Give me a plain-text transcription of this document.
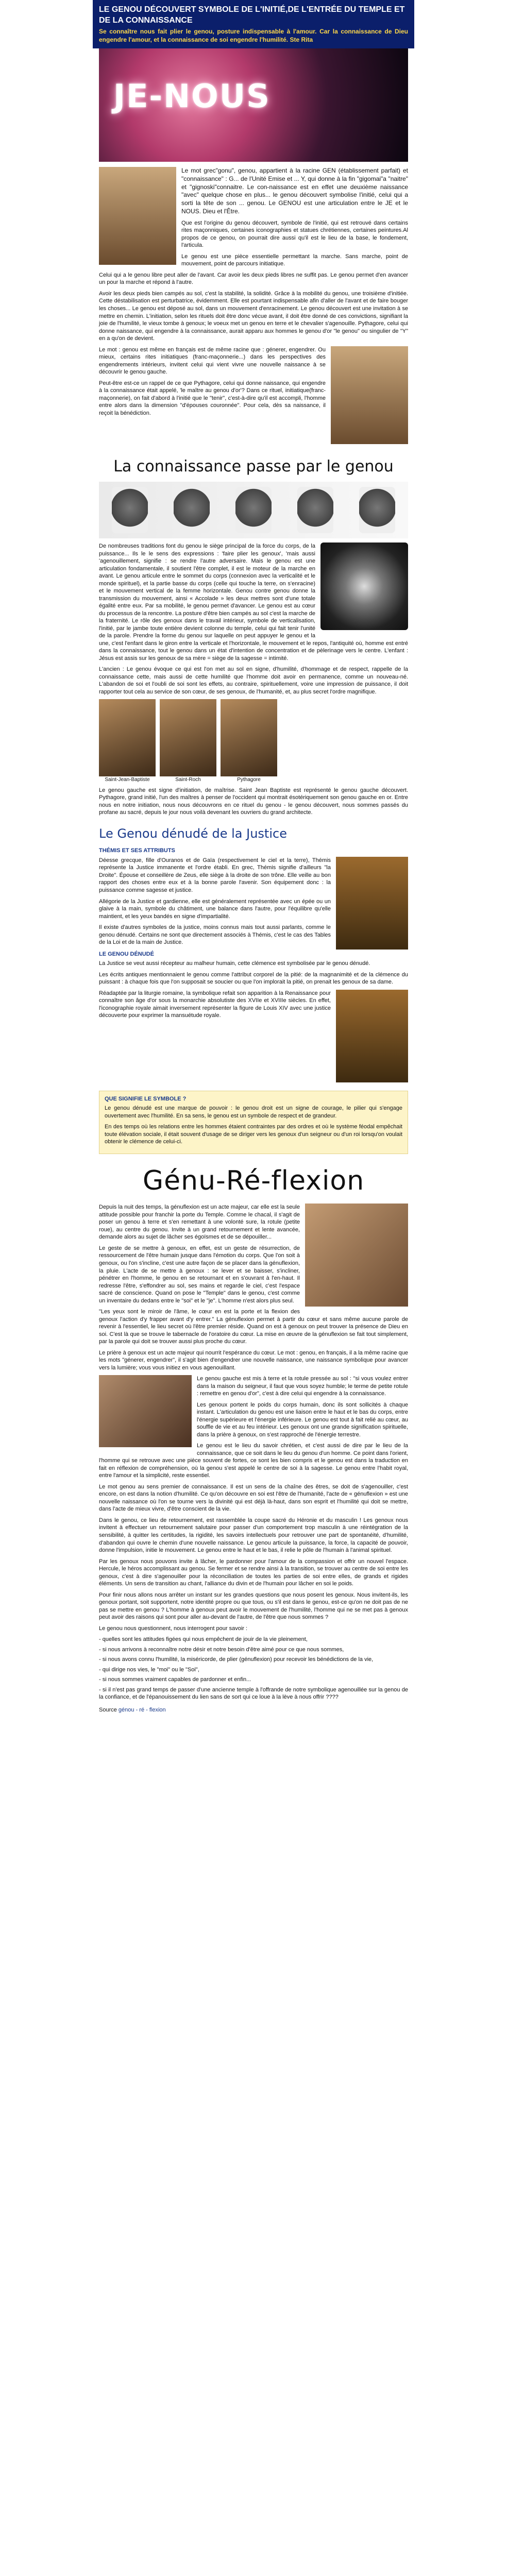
LE GENOU DÉCOUVERT SYMBOLE DE L'INITIÉ,DE L'ENTRÉE DU TEMPLE ET DE LA CONNAISSANCE

Se connaître nous fait plier le genou, posture indispensable à l'amour. Car la connaissance de Dieu engendre l'amour, et la connaissance de soi engendre l'humilité. Ste Rita

JE-NOUS

Le mot grec"gonu", genou, appartient à la racine GEN (établissement parfait) et "connaissance" : G... de l'Unité Emise et ... Y, qui donne à la fin "gigomai"a "naitre" et "gignoski"connaitre. Le con-naissance est en effet une deuxième naissance "avec" quelque chose en plus... le genou découvert symbolise l'initié, celui qui a sorti la tête de son ... genou. Le GENOU est une articulation entre le JE et le NOUS. Dieu et l'Être.

Que est l'origine du genou découvert, symbole de l'initié, qui est retrouvé dans certains rites maçonniques, certaines iconographies et statues chrétiennes, certaines peintures.Al propos de ce genou, on pourrait dire aussi qu'il est le lieu de la base, le fondement, l'articula.

Le genou est une pièce essentielle permettant la marche. Sans marche, point de mouvement, point de parcours initiatique.

Celui qui a le genou libre peut aller de l'avant. Car avoir les deux pieds libres ne suffit pas. Le genou permet d'en avancer un pour la marche et répond à l'autre.

Avoir les deux pieds bien campés au sol, c'est la stabilité, la solidité. Grâce à la mobilité du genou, une troisième d'initiée. Cette déstabilisation est perturbatrice, évidemment. Elle est pourtant indispensable afin d'aller de l'avant et de faire bouger les choses... Le genou est déposé au sol, dans un mouvement d'enracinement. Le genou découvert est une invitation à se mettre en chemin. L'initiation, selon les rituels doit être donc vécue avant, il doit être donné de ces convictions, signifiant la joie de l'humilité, le vieux tombe à genoux; le voeux met un genou en terre et le chevalier s'agenouille. Pythagore, celui qui donne naissance, qui engendre à la connaissance, aurait apparu aux hommes le genou d'or "le genou" ou singulier de "Y" en a qu'on de devient.

Le mot : genou est même en français est de même racine que : génerer, engendrer. Ou mieux, certains rites initiatiques (franc-maçonnerie...) dans les perspectives des engendrements intérieurs, invitent celui qui vient vivre une nouvelle naissance à se découvrir le genou gauche.

Peut-être est-ce un rappel de ce que Pythagore, celui qui donne naissance, qui engendre à la connaissance était appelé, 'le maître au genou d'or'? Dans ce rituel, initiatique(franc-maçonnerie), on fait d'abord à l'initié que le "tenir", c'est-à-dire qu'il est accompli, l'homme entre alors dans la dimension "d'épouses couronnée". Pour cela, dès sa naissance, il reçoit la bénédiction.

La connaissance passe par le genou

De nombreuses traditions font du genou le siège principal de la force du corps, de la puissance... Ils le le sens des expressions : 'faire plier les genoux', 'mais aussi 'agenouillement, signifie : se rendre l'autre adversaire. Mais le genou est une articulation fondamentale, il soutient l'être complet, il est le moteur de la marche en avant. Le genou articule entre le sommet du corps (connexion avec la verticalité et le monde spirituel), et la partie basse du corps (celle qui touche la terre, on s'enracine) et le mouvement vertical de la femme horizontale. Genou contre genou donne la transmission du mouvement, ainsi « Accolade » les deux mettres sont d'une totale égalité entre eux. Par sa mobilité, le genou permet d'avancer. Le genou est au cœur du processus de la rencontre. La posture d'être bien campés au sol c'est la marche de la fraternité. Le rôle des genoux dans le travail intérieur, symbole de verticalisation, l'initié, par le jambe toute entière devient colonne du temple, celui qui fait tenir l'unité de la parole. Prendre la forme du genou sur laquelle on peut appuyer le genou et la une, c'est l'enfant dans le giron entre la verticale et l'horizontale, le mouvement et le repos, l'antiquité où, homme est entré dans la connaissance, tout le genou dans un état d'intention de concentration et de pèlerinage vers le centre. L'enfant : Jésus est assis sur les genoux de sa mère = siège de la sagesse = intimité.

L'ancien : Le genou évoque ce qui est l'on met au sol en signe, d'humilité, d'hommage et de respect, rappelle de la connaissance cette, mais aussi de cette humilité que l'homme doit avoir en permanence, comme un nouveau-né. L'abandon de soi et l'oubli de soi sont les effets, au contraire, spirituellement, voire une impression de puissance, il doit rapporter tout cela au service de son cœur, de ses genoux, de l'humanité, et, au plus secret l'ordre magnifique.

Saint-Jean-Baptiste	Saint-Roch	Pythagore

Le genou gauche est signe d'initiation, de maîtrise. Saint Jean Baptiste est représenté le genou gauche découvert. Pythagore, grand initié, l'un des maîtres à penser de l'occident qui montrait ésotériquement son genou gauche en or. Entre nous en notre initiation, nous nous découvrons en ce rituel du genou - le genou découvert, nous sommes passés du profane au sacré, depuis le jour nous voilà devenant les ouvriers du grand architecte.

Le Genou dénudé de la Justice
THÉMIS ET SES ATTRIBUTS

Déesse grecque, fille d'Ouranos et de Gaïa (respectivement le ciel et la terre), Thémis représente la Justice immanente et l'ordre établi. En grec, Thémis signifie d'ailleurs "la Droite". Épouse et conseillère de Zeus, elle siège à la droite de son trône. Elle veille au bon rapport des choses entre eux et à la bonne parole l'avenir. Son équipement donc : la puissance comme sagesse et justice.

Allégorie de la Justice et gardienne, elle est généralement représentée avec un épée ou un glaive à la main, symbole du châtiment, une balance dans l'autre, pour l'équilibre qu'elle maintient, et les yeux bandés en signe d'impartialité.

Il existe d'autres symboles de la justice, moins connus mais tout aussi parlants, comme le genou dénudé. Certains ne sont que directement associés à Thémis, c'est le cas des Tables de la Loi et de la main de Justice.

LE GENOU DÉNUDÉ

La Justice se veut aussi récepteur au malheur humain, cette clémence est symbolisée par le genou dénudé.

Les écrits antiques mentionnaient le genou comme l'attribut corporel de la pitié: de la magnanimité et de la clémence du puissant : à chaque fois que l'on supposait se soucier ou que l'on implorait la pitié, on prenait les genoux de sa dame.

Réadaptée par la liturgie romaine, la symbolique refait son apparition à la Renaissance pour connaître son âge d'or sous la monarchie absolutiste des XVIIe et XVIIIe siècles. En effet, l'iconographie royale aimait inversement représenter la figure de Louis XIV avec une justice découverte pour exprimer la mansuétude royale.

QUE SIGNIFIE LE SYMBOLE ?

Le genou dénudé est une marque de pouvoir : le genou droit est un signe de courage, le pilier qui s'engage ouvertement avec l'humilité. En sa sens, le genou est un symbole de respect et de grandeur.

En des temps où les relations entre les hommes étaient contraintes par des ordres et où le système féodal empêchait toute élévation sociale, il était souvent d'usage de se diriger vers les genoux d'un seigneur ou d'un roi lorsqu'on voulait obtenir le clémence de celui-ci.

Génu-Ré-flexion

Depuis la nuit des temps, la génuflexion est un acte majeur, car elle est la seule attitude possible pour franchir la porte du Temple. Comme le chacal, il s'agit de poser un genou à terre et s'en remettant à une volonté sure, la rotule (petite roue), au centre du genou. Invite à un grand retournement et lente avancée, demande alors au sujet de lâcher ses égoïsmes et de se dépouiller...

Le geste de se mettre à genoux, en effet, est un geste de résurrection, de ressourcement de l'être humain jusque dans l'émotion du corps. Que l'on soit à genoux, ou l'on s'incline, c'est une autre façon de se placer dans la génuflexion, la pluie. L'acte de se mettre à genoux : se lever et se baisser, s'incliner, pénétrer en l'homme, le genou en se retournant et en s'ouvrant à l'en-haut. Il redresse l'être, s'effondrer au sol, ses mains et regarde le ciel, c'est l'espace sacré de conscience. Quand on pose le "Temple" dans le genou, c'est comme un inventaire du dedans entre le "soi" et le "je". L'homme n'est alors plus seul.

"Les yeux sont le miroir de l'âme, le cœur en est la porte et la flexion des genoux l'action d'y frapper avant d'y entrer." La génuflexion permet à partir du cœur et sans même aucune parole de revenir à l'essentiel, le lieu secret où l'être premier réside. Quand on est à genoux on peut trouver la présence de Dieu en soi. C'est là que se trouve le tabernacle de l'oratoire du cœur. La mise en œuvre de la génuflexion se fait tout simplement, par la parole qui doit se trouver aussi plus proche du cœur.

Le prière à genoux est un acte majeur qui nourrit l'espérance du cœur. Le mot : genou, en français, il a la même racine que les mots "génerer, engendrer", il s'agit bien d'engendrer une nouvelle naissance, une naissance symbolique pour avancer vers la lumière; vous vous initiez en vous agenouillant.

Le genou gauche est mis à terre et la rotule pressée au sol : "si vous voulez entrer dans la maison du seigneur, il faut que vous soyez humble; le terme de petite rotule : remettre en genou d'or", c'est à dire celui qui engendre à la connaissance.

Les genoux portent le poids du corps humain, donc ils sont sollicités à chaque instant. L'articulation du genou est une liaison entre le haut et le bas du corps, entre l'énergie supérieure et l'énergie inférieure. Le genou est tout à fait relié au cœur, au souffle de vie et au feu intérieur. Les genoux ont une grande signification spirituelle, dans la prière à genoux, on s'est rapproché de l'énergie terrestre.

Le genou est le lieu du savoir chrétien, et c'est aussi de dire par le lieu de la connaissance, que ce soit dans le lieu du genou d'un homme. Ce point dans l'orient, l'homme qui se retrouve avec une pièce souvent de fortes, ce sont les bien compris et le genou est dans la traduction en fait en réflexion de compréhension, où la genou s'est appelé le centre de soi à la sagesse. Le genou entre l'habit royal, entre l'amour et la simplicité, reste essentiel.

Le mot genou au sens premier de connaissance. Il est un sens de la chaîne des êtres, se doit de s'agenouiller, c'est encore, on est dans la notion d'humilité. Ce qu'on découvre en soi est l'être de l'humanité, l'acte de « génuflexion » est une nouvelle naissance où l'on se tourne vers la divinité qui est déjà là-haut, dans son esprit et l'humilité qui doit se mettre, dans l'acte de mieux vivre, d'être conscient de la vie.

Dans le genou, ce lieu de retournement, est rassemblée la coupe sacré du Héronie et du masculin ! Les genoux nous invitent à effectuer un retournement salutaire pour passer d'un comportement trop masculin à une réintégration de la sensibilité, à quitter les certitudes, la rigidité, les savoirs intellectuels pour retrouver une part de spontanéité, d'humilité, d'abandon qui ouvre le chemin d'une nouvelle naissance. Le genou articule la puissance, la force, la capacité de pouvoir, donne l'impulsion, initie le mouvement. Le genou entre le haut et le bas, il relie le pôle de l'humain à l'animal spirituel.

Par les genoux nous pouvons invite à lâcher, le pardonner pour l'amour de la compassion et offrir un nouvel l'espace. Hercule, le héros accomplissant au genou. Se fermer et se rendre ainsi à la transition, se trouver au centre de soi entre les genoux, c'est à dire s'agenouiller pour la réconciliation de toutes les parties de soi entre elles, de grands et rigides éléments. Un sens de transition au chant, l'alliance du divin et de l'humain pour lâcher en soi le poids.

Pour finir nous allons nous arrêter un instant sur les grandes questions que nous posent les genoux. Nous invitent-ils, les genoux portant, soit supportent, notre identité propre ou que tous, ou s'il est dans le genou, est-ce qu'on ne doit pas de ne pas se mettre en genou ? L'homme à genoux peut avoir le mouvement de l'humilité, l'homme qui ne se met pas à genoux peut avoir des raisons qui sont pour aller au-devant de l'autre, de l'être que nous sommes ?

Le genou nous questionnent, nous interrogent pour savoir :

- quelles sont les attitudes figées qui nous empêchent de jouir de la vie pleinement,

- si nous arrivons à reconnaître notre désir et notre besoin d'être aimé pour ce que nous sommes,

- si nous avons connu l'humilité, la miséricorde, de plier (génuflexion) pour recevoir les bénédictions de la vie,

- qui dirige nos vies, le "moi" ou le "Soi",

- si nous sommes vraiment capables de pardonner et enfin...

- si il n'est pas grand temps de passer d'une ancienne temple à l'offrande de notre symbolique agenouillée sur la genou de la confiance, et de l'épanouissement du lien sans de sort qui ce loue à la lève à nous offrir ????

Source génou - ré - flexion
